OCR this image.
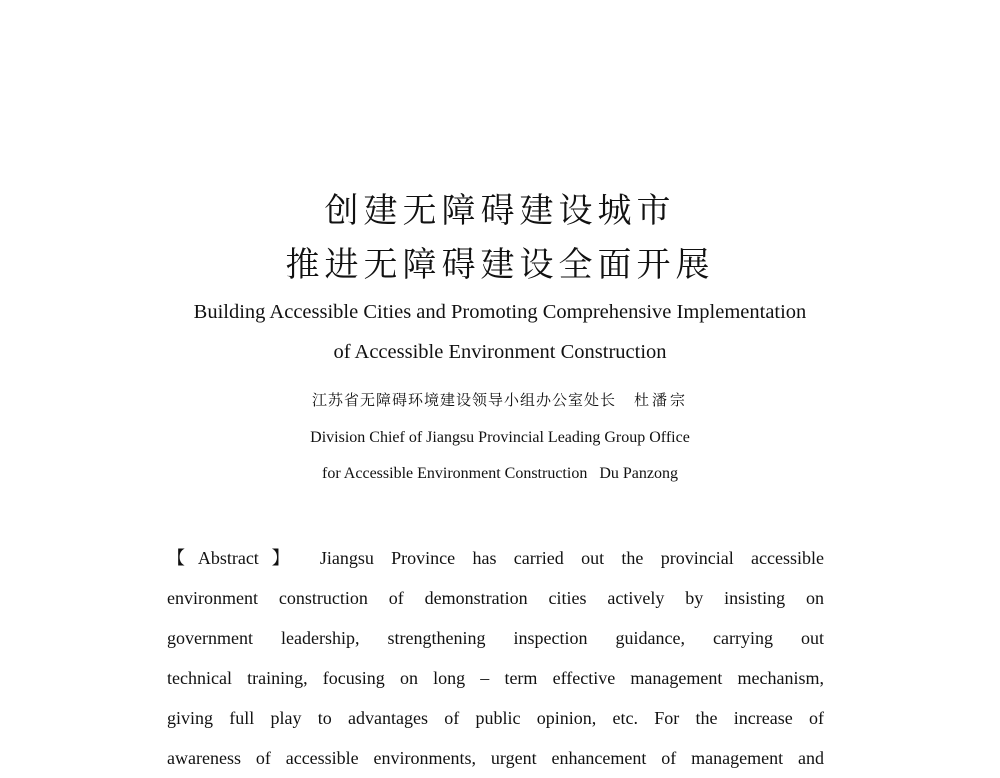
创建无障碍建设城市
推进无障碍建设全面开展
Building Accessible Cities and Promoting Comprehensive Implementation
of Accessible Environment Construction
江苏省无障碍环境建设领导小组办公室处长 杜潘宗
Division Chief of Jiangsu Provincial Leading Group Office
for Accessible Environment Construction Du Panzong
【Abstract】 Jiangsu Province has carried out the provincial accessible
environment construction of demonstration cities actively by insisting on
government leadership, strengthening inspection guidance, carrying out
technical training, focusing on long – term effective management mechanism,
giving full play to advantages of public opinion, etc. For the increase of
awareness of accessible environments, urgent enhancement of management and
